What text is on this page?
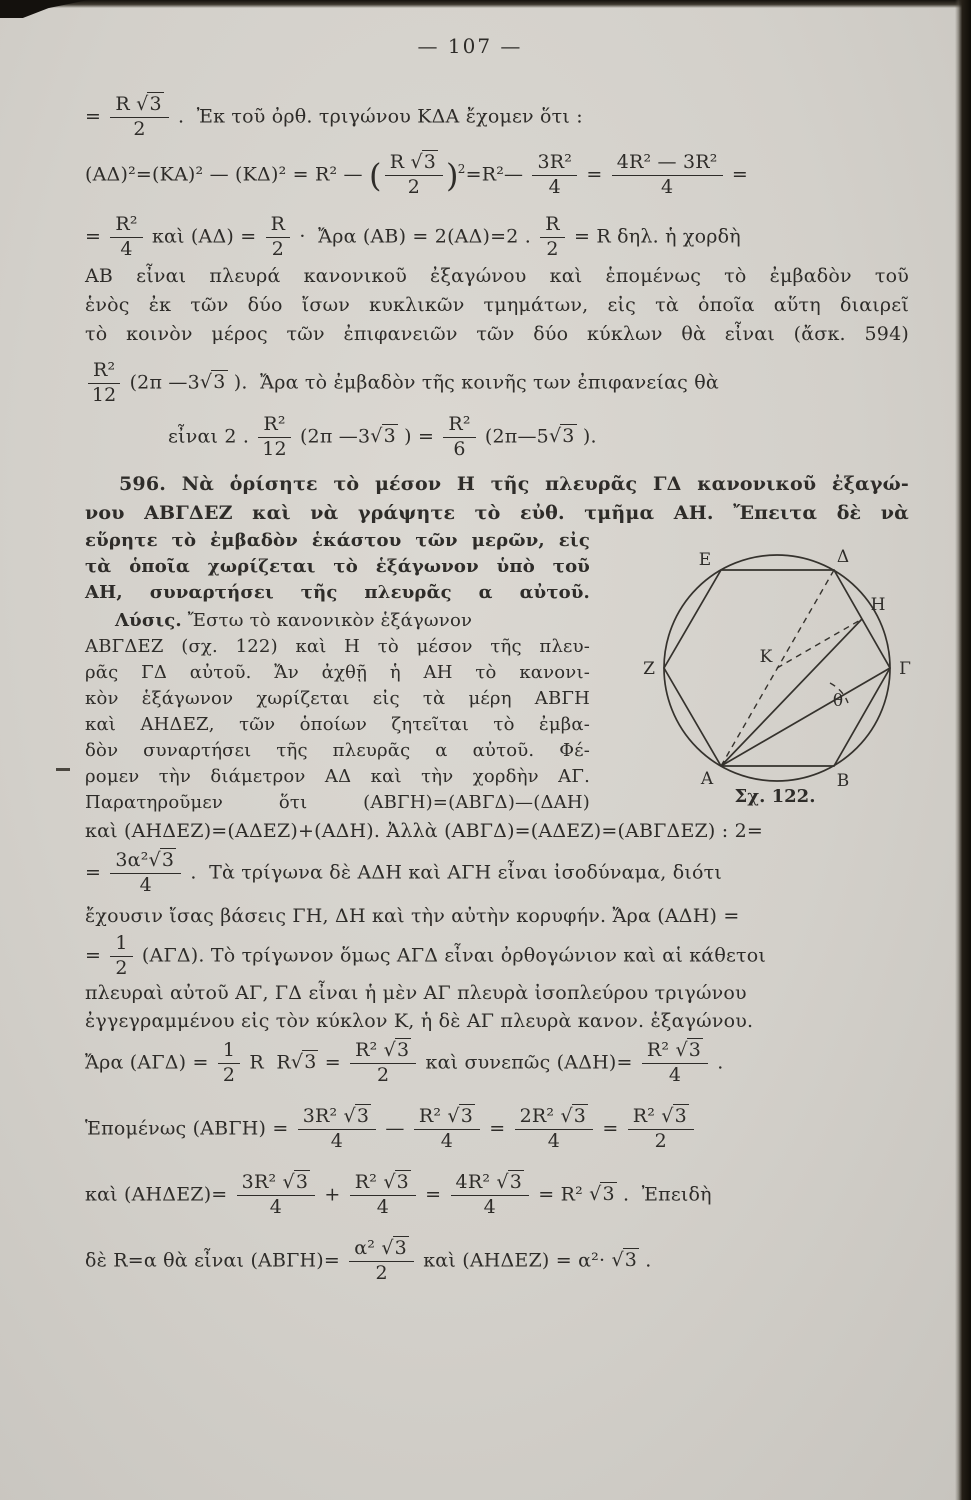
— 107 —
= $\frac{R √3}{2}$ .  Ἐκ τοῦ ὀρθ. τριγώνου ΚΔΑ ἔχομεν ὅτι :
(ΑΔ)²=(ΚΑ)² — (ΚΔ)² = R² — ( $\frac{R √3}{2}$ )$^2$=R²— $\frac{\text{3R²}}{4} = \frac{\text{4R² — 3R²}}{4}$ =
= $\frac{\text{R²}}{4}$ καὶ $(A\Delta) = \frac{R}{2}$ ·  Ἄρα (ΑΒ) = 2(ΑΔ)=2 . $\frac{R}{2} = R$ δηλ. ἡ χορδὴ
ΑΒ εἶναι πλευρά κανονικοῦ ἐξαγώνου καὶ ἑπομένως τὸ ἐμβαδὸν τοῦ
ἑνὸς ἐκ τῶν δύο ἴσων κυκλικῶν τμημάτων, εἰς τὰ ὁποῖα αὕτη διαιρεῖ
τὸ κοινὸν μέρος τῶν ἐπιφανειῶν τῶν δύο κύκλων θὰ εἶναι (ἄσκ. 594)
$\frac{\text{R²}}{12} (2\pi$ —3√3 ).  Ἄρα τὸ ἐμβαδὸν τῆς κοινῆς των ἐπιφανείας θὰ
εἶναι 2 . $\frac{\text{R²}}{12} (2\pi$ —3√3 ) = $\frac{\text{R²}}{6}$ (2π—5√3 ).
596. Νὰ ὁρίσητε τὸ μέσον Η τῆς πλευρᾶς ΓΔ κανονικοῦ ἐξαγώ-
νου ΑΒΓΔΕΖ καὶ νὰ γράψητε τὸ εὐθ. τμῆμα ΑΗ. Ἔπειτα δὲ νὰ
εὕρητε τὸ ἐμβαδὸν ἑκάστου τῶν μερῶν, εἰς
τὰ ὁποῖα χωρίζεται τὸ ἑξάγωνον ὑπὸ τοῦ
ΑΗ, συναρτήσει τῆς πλευρᾶς α αὐτοῦ.
Λύσις. Ἔστω τὸ κανονικὸν ἑξάγωνον
ΑΒΓΔΕΖ (σχ. 122) καὶ Η τὸ μέσον τῆς πλευ-
ρᾶς ΓΔ αὐτοῦ. Ἄν ἀχθῇ ἡ ΑΗ τὸ κανονι-
κὸν ἑξάγωνον χωρίζεται εἰς τὰ μέρη ΑΒΓΗ
καὶ ΑΗΔΕΖ, τῶν ὁποίων ζητεῖται τὸ ἐμβα-
δὸν συναρτήσει τῆς πλευρᾶς α αὐτοῦ. Φέ-
ρομεν τὴν διάμετρον ΑΔ καὶ τὴν χορδὴν ΑΓ.
Παρατηροῦμεν ὅτι (ΑΒΓΗ)=(ΑΒΓΔ)—(ΔΑΗ)
Ε	Δ
Η
Ζ
Κ
Γ
θ
Α	Β
Σχ. 122.
καὶ (ΑΗΔΕΖ)=(ΑΔΕΖ)+(ΑΔΗ). Ἀλλὰ (ΑΒΓΔ)=(ΑΔΕΖ)=(ΑΒΓΔΕΖ) : 2=
= $\frac{\text{3α²√3}}{4}$ .  Τὰ τρίγωνα δὲ ΑΔΗ καὶ ΑΓΗ εἶναι ἰσοδύναμα, διότι
ἔχουσιν ἴσας βάσεις ΓΗ, ΔΗ καὶ τὴν αὐτὴν κορυφήν. Ἄρα (ΑΔΗ) =
= $\frac{1}{2} (A\Gamma\Delta)$. Τὸ τρίγωνον ὅμως ΑΓΔ εἶναι ὀρθογώνιον καὶ αἱ κάθετοι
πλευραὶ αὐτοῦ ΑΓ, ΓΔ εἶναι ἡ μὲν ΑΓ πλευρὰ ἰσοπλεύρου τριγώνου
ἐγγεγραμμένου εἰς τὸν κύκλον Κ, ἡ δὲ ΑΓ πλευρὰ κανον. ἑξαγώνου.
Ἄρα $(A\Gamma\Delta) = \frac{1}{2}$ R  $R√3 = \frac{\text{R² √3}}{2}$ καὶ συνεπῶς $(A\Delta H)= \frac{\text{R² √3}}{4}$ .
Ἑπομένως $(AB\Gamma H) = \frac{\text{3R² √3}}{4}$ — $\frac{\text{R² √3}}{4} = \frac{\text{2R² √3}}{4} = \frac{\text{R² √3}}{2}$
καὶ $(AH\Delta EZ)= \frac{\text{3R² √3}}{4} + \frac{\text{R² √3}}{4} = \frac{\text{4R² √3}}{4} = R^2$ √3 .  Ἐπειδὴ
δὲ R=α θὰ εἶναι $(AB\Gamma H)= \frac{\text{α² √3}}{2}$ καὶ (ΑΗΔΕΖ) = α²· √3 .
